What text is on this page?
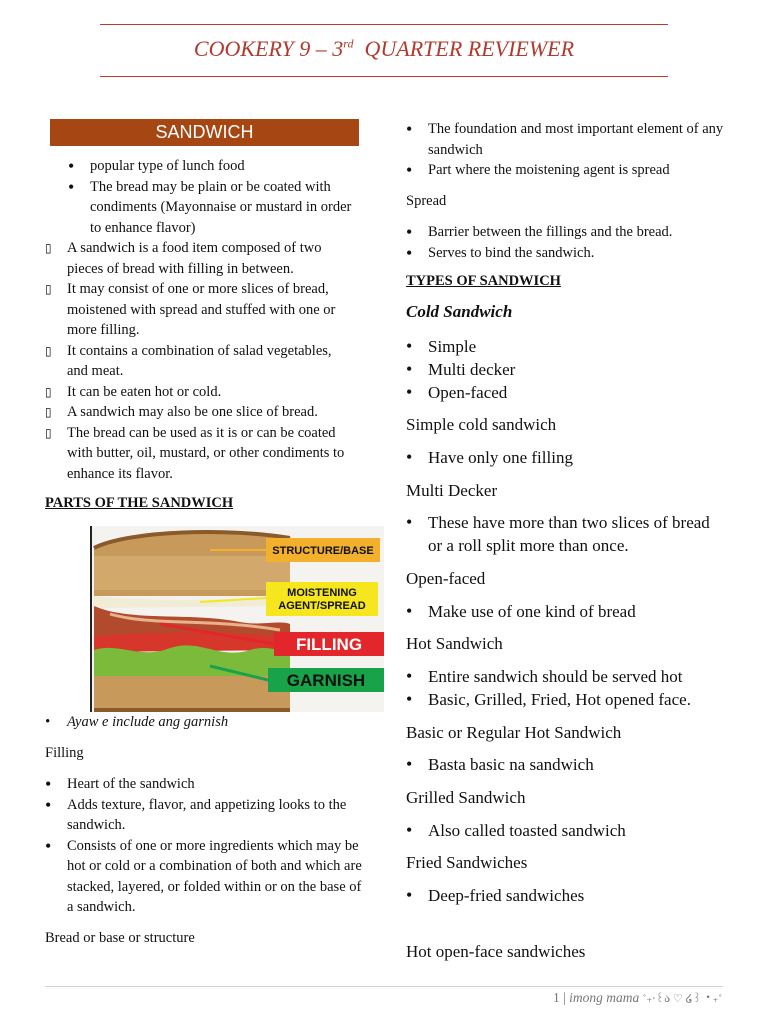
COOKERY 9 – 3rd QUARTER REVIEWER
SANDWICH
• popular type of lunch food
• The bread may be plain or be coated with condiments (Mayonnaise or mustard in order to enhance flavor)
▯ A sandwich is a food item composed of two pieces of bread with filling in between.
▯ It may consist of one or more slices of bread, moistened with spread and stuffed with one or more filling.
▯ It contains a combination of salad vegetables, and meat.
▯ It can be eaten hot or cold.
▯ A sandwich may also be one slice of bread.
▯ The bread can be used as it is or can be coated with butter, oil, mustard, or other condiments to enhance its flavor.
PARTS OF THE SANDWICH
STRUCTURE/BASE
MOISTENING
AGENT/SPREAD
FILLING
GARNISH
• Ayaw e include ang garnish
Filling
• Heart of the sandwich
• Adds texture, flavor, and appetizing looks to the sandwich.
• Consists of one or more ingredients which may be hot or cold or a combination of both and which are stacked, layered, or folded within or on the base of a sandwich.
Bread or base or structure
• The foundation and most important element of any sandwich
• Part where the moistening agent is spread
Spread
• Barrier between the fillings and the bread.
• Serves to bind the sandwich.
TYPES OF SANDWICH
Cold Sandwich
• Simple
• Multi decker
• Open-faced
Simple cold sandwich
• Have only one filling
Multi Decker
• These have more than two slices of bread or a roll split more than once.
Open-faced
• Make use of one kind of bread
Hot Sandwich
• Entire sandwich should be served hot
• Basic, Grilled, Fried, Hot opened face.
Basic or Regular Hot Sandwich
• Basta basic na sandwich
Grilled Sandwich
• Also called toasted sandwich
Fried Sandwiches
• Deep-fried sandwiches
Hot open-face sandwiches
1 | imong mama ˚₊‧꒰ა ♡ ໒꒱ ‧₊˚
